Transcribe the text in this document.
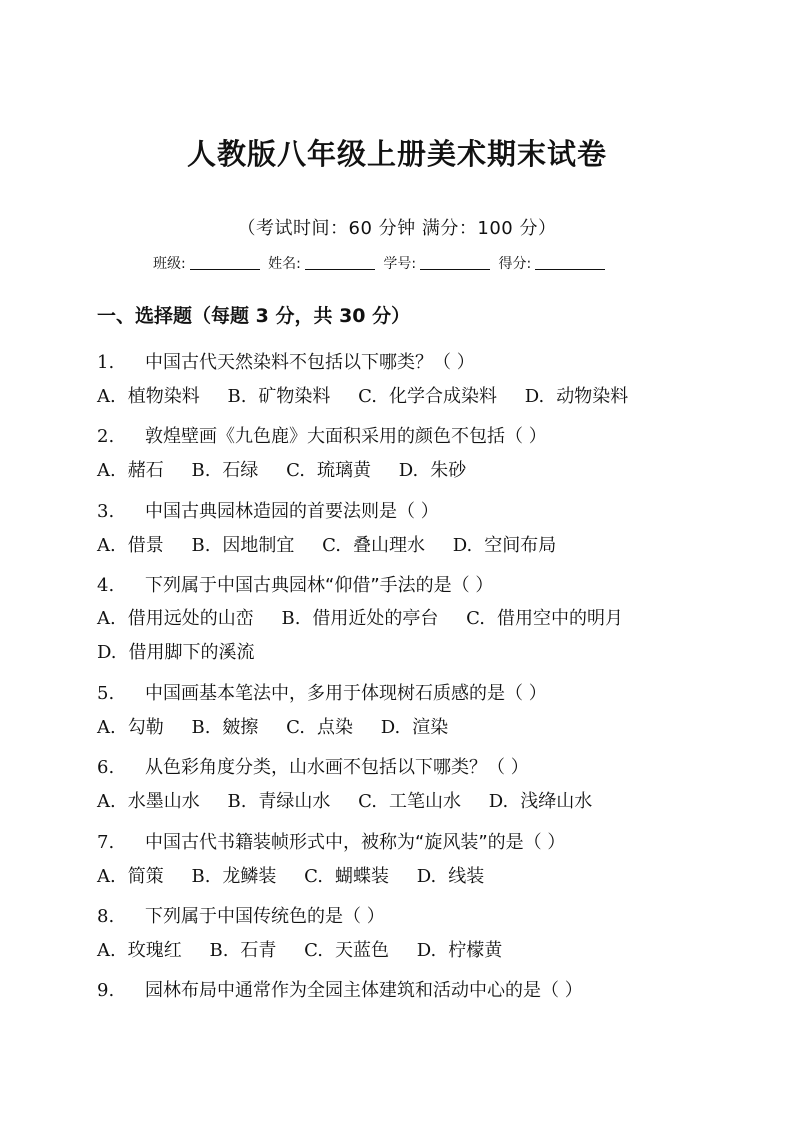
人教版八年级上册美术期末试卷
（考试时间：60 分钟 满分：100 分）
班级:	姓名:	学号:	得分:
一、选择题（每题 3 分，共 30 分）
1. 中国古代天然染料不包括以下哪类？（ ）
A. 植物染料 B. 矿物染料 C. 化学合成染料 D. 动物染料
2. 敦煌壁画《九色鹿》大面积采用的颜色不包括（ ）
A. 赭石 B. 石绿 C. 琉璃黄 D. 朱砂
3. 中国古典园林造园的首要法则是（ ）
A. 借景 B. 因地制宜 C. 叠山理水 D. 空间布局
4. 下列属于中国古典园林“仰借”手法的是（ ）
A. 借用远处的山峦 B. 借用近处的亭台 C. 借用空中的明月
D. 借用脚下的溪流
5. 中国画基本笔法中，多用于体现树石质感的是（ ）
A. 勾勒 B. 皴擦 C. 点染 D. 渲染
6. 从色彩角度分类，山水画不包括以下哪类？（ ）
A. 水墨山水 B. 青绿山水 C. 工笔山水 D. 浅绛山水
7. 中国古代书籍装帧形式中，被称为“旋风装”的是（ ）
A. 简策 B. 龙鳞装 C. 蝴蝶装 D. 线装
8. 下列属于中国传统色的是（ ）
A. 玫瑰红 B. 石青 C. 天蓝色 D. 柠檬黄
9. 园林布局中通常作为全园主体建筑和活动中心的是（ ）
